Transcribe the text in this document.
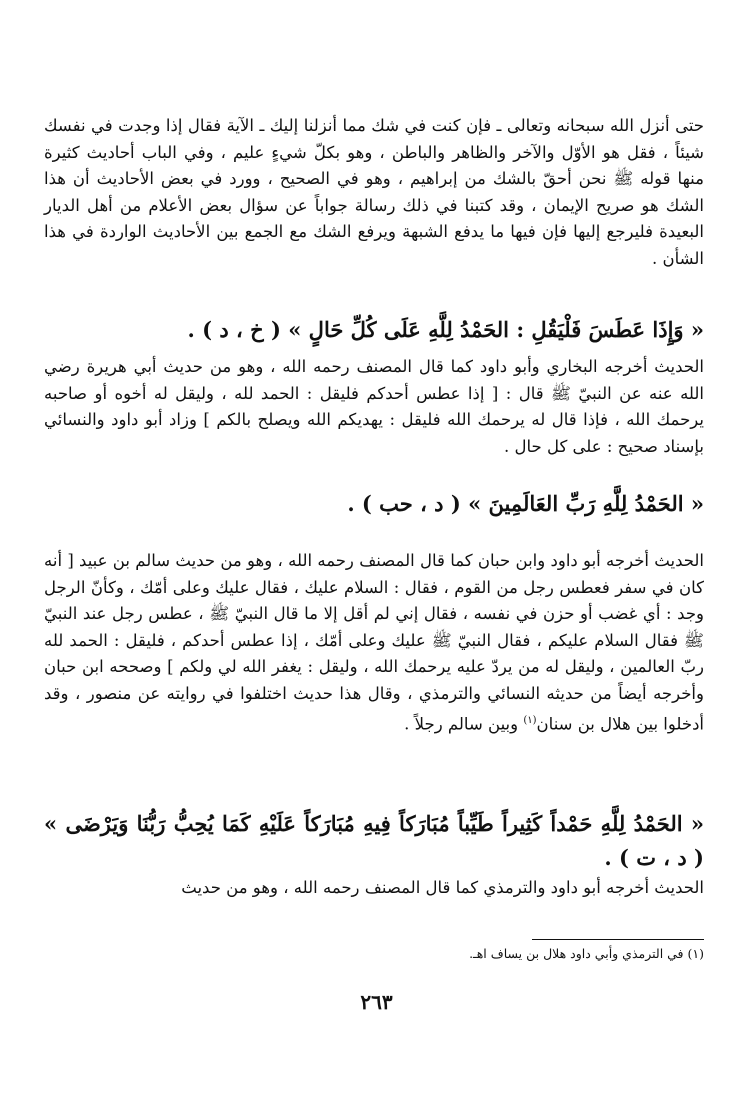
حتى أنزل الله سبحانه وتعالى ـ فإن كنت في شك مما أنزلنا إليك ـ الآية فقال إذا وجدت في نفسك شيئاً ، فقل هو الأوّل والآخر والظاهر والباطن ، وهو بكلّ شيءٍ عليم ، وفي الباب أحاديث كثيرة منها قوله ﷺ نحن أحقّ بالشك من إبراهيم ، وهو في الصحيح ، وورد في بعض الأحاديث أن هذا الشك هو صريح الإيمان ، وقد كتبنا في ذلك رسالة جواباً عن سؤال بعض الأعلام من أهل الديار البعيدة فليرجع إليها فإن فيها ما يدفع الشبهة ويرفع الشك مع الجمع بين الأحاديث الواردة في هذا الشأن .
« وَإِذَا عَطَسَ فَلْيَقُلِ : الحَمْدُ لِلَّهِ عَلَى كُلِّ حَالٍ » ( خ ، د ) .
الحديث أخرجه البخاري وأبو داود كما قال المصنف رحمه الله ، وهو من حديث أبي هريرة رضي الله عنه عن النبيّ ﷺ قال : [ إذا عطس أحدكم فليقل : الحمد لله ، وليقل له أخوه أو صاحبه يرحمك الله ، فإذا قال له يرحمك الله فليقل : يهديكم الله ويصلح بالكم ] وزاد أبو داود والنسائي بإسناد صحيح : على كل حال .
« الحَمْدُ لِلَّهِ رَبِّ العَالَمِينَ » ( د ، حب ) .
الحديث أخرجه أبو داود وابن حبان كما قال المصنف رحمه الله ، وهو من حديث سالم بن عبيد [ أنه كان في سفر فعطس رجل من القوم ، فقال : السلام عليك ، فقال عليك وعلى أمّك ، وكأنّ الرجل وجد : أي غضب أو حزن في نفسه ، فقال إني لم أقل إلا ما قال النبيّ ﷺ ، عطس رجل عند النبيّ ﷺ فقال السلام عليكم ، فقال النبيّ ﷺ عليك وعلى أمّك ، إذا عطس أحدكم ، فليقل : الحمد لله ربّ العالمين ، وليقل له من يردّ عليه يرحمك الله ، وليقل : يغفر الله لي ولكم ] وصححه ابن حبان وأخرجه أيضاً من حديثه النسائي والترمذي ، وقال هذا حديث اختلفوا في روايته عن منصور ، وقد أدخلوا بين هلال بن سنان$^{(١)}$ وبين سالم رجلاً .
« الحَمْدُ لِلَّهِ حَمْداً كَثِيراً طَيِّباً مُبَارَكاً فِيهِ مُبَارَكاً عَلَيْهِ كَمَا يُحِبُّ رَبُّنَا وَيَرْضَى » ( د ، ت ) .
الحديث أخرجه أبو داود والترمذي كما قال المصنف رحمه الله ، وهو من حديث
(١) في الترمذي وأبي داود هلال بن يساف اهـ.
٢٦٣
